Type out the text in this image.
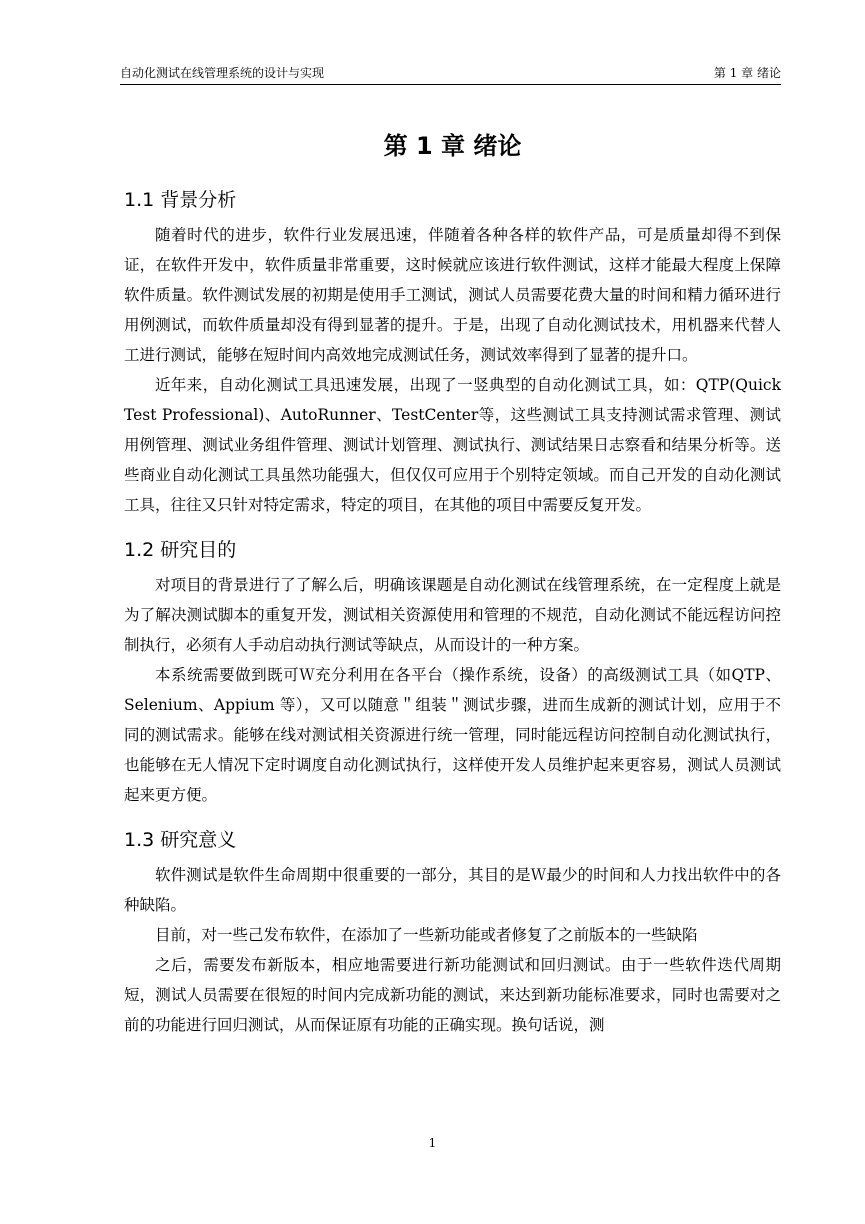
自动化测试在线管理系统的设计与实现	第 1 章 绪论
第 1 章 绪论
1.1 背景分析

随着时代的进步，软件行业发展迅速，伴随着各种各样的软件产品，可是质量却得不到保证，在软件开发中，软件质量非常重要，这时候就应该进行软件测试，这样才能最大程度上保障软件质量。软件测试发展的初期是使用手工测试，测试人员需要花费大量的时间和精力循环进行用例测试，而软件质量却没有得到显著的提升。于是，出现了自动化测试技术，用机器来代替人工进行测试，能够在短时间内高效地完成测试任务，测试效率得到了显著的提升口。

近年来，自动化测试工具迅速发展，出现了一竖典型的自动化测试工具，如：QTP(Quick Test Professional)、AutoRunner、TestCenter等，这些测试工具支持测试需求管理、测试用例管理、测试业务组件管理、测试计划管理、测试执行、测试结果日志察看和结果分析等。送些商业自动化测试工具虽然功能强大，但仅仅可应用于个别特定领域。而自己开发的自动化测试工具，往往又只针对特定需求，特定的项目，在其他的项目中需要反复开发。

1.2 研究目的

对项目的背景进行了了解么后，明确该课题是自动化测试在线管理系统，在一定程度上就是为了解决测试脚本的重复开发，测试相关资源使用和管理的不规范，自动化测试不能远程访问控制执行，必须有人手动启动执行测试等缺点，从而设计的一种方案。

本系统需要做到既可Ｗ充分利用在各平台（操作系统，设备）的高级测试工具（如QTP、Selenium、Appium 等），又可以随意＂组装＂测试步骤，进而生成新的测试计划，应用于不同的测试需求。能够在线对测试相关资源进行统一管理，同时能远程访问控制自动化测试执行，也能够在无人情况下定时调度自动化测试执行，这样使开发人员维护起来更容易，测试人员测试起来更方便。

1.3 研究意义

软件测试是软件生命周期中很重要的一部分，其目的是Ｗ最少的时间和人力找出软件中的各种缺陷。

目前，对一些己发布软件，在添加了一些新功能或者修复了之前版本的一些缺陷

之后，需要发布新版本，相应地需要进行新功能测试和回归测试。由于一些软件迭代周期短，测试人员需要在很短的时间内完成新功能的测试，来达到新功能标准要求，同时也需要对之前的功能进行回归测试，从而保证原有功能的正确实现。换句话说，测

1
